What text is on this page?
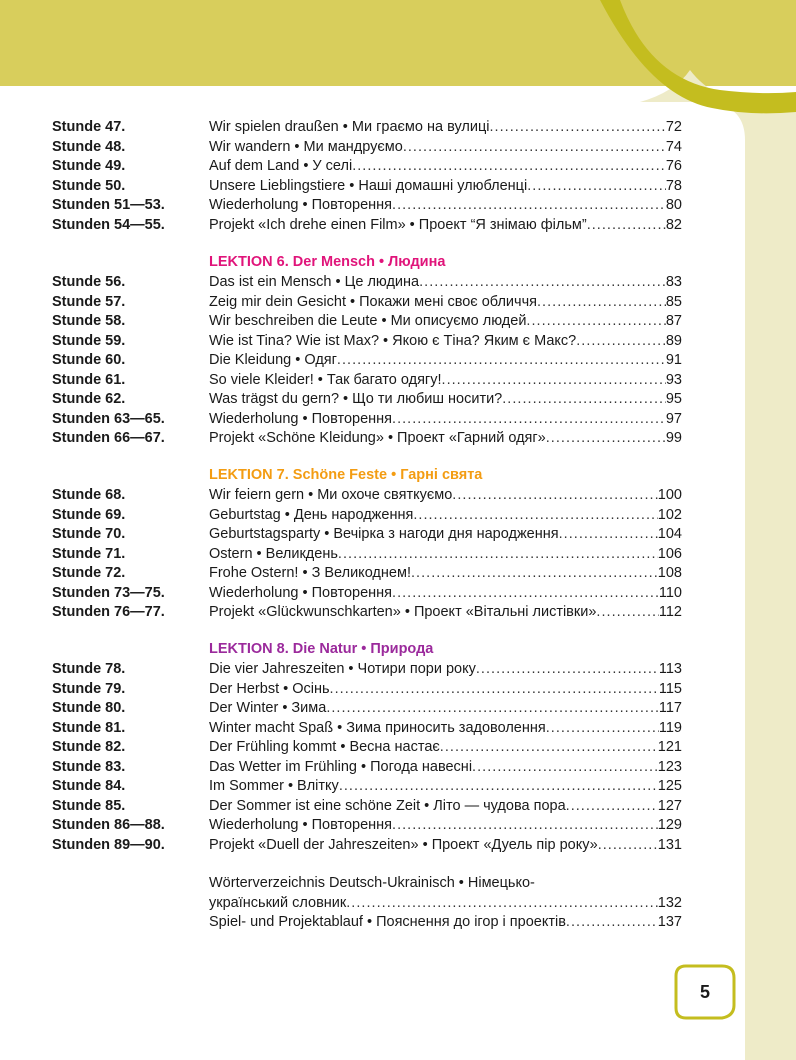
Stunde 47.	Wir spielen draußen • Ми граємо на вулиці . . .	72
Stunde 48.	Wir wandern • Ми мандруємо . . .	74
Stunde 49.	Auf dem Land • У селі . . .	76
Stunde 50.	Unsere Lieblingstiere • Наші домашні улюбленці . . .	78
Stunden 51—53.	Wiederholung • Повторення . . .	80
Stunden 54—55.	Projekt «Ich drehe einen Film» • Проект “Я знімаю фільм” . . .	82
LEKTION 6. Der Mensch • Людина
Stunde 56.	Das ist ein Mensch • Це людина . . .	83
Stunde 57.	Zeig mir dein Gesicht • Покажи мені своє обличчя . . .	85
Stunde 58.	Wir beschreiben die Leute • Ми описуємо людей . . .	87
Stunde 59.	Wie ist Tina? Wie ist Max? • Якою є Тіна? Яким є Макс? . . .	89
Stunde 60.	Die Kleidung • Одяг . . .	91
Stunde 61.	So viele Kleider! • Так багато одягу! . . .	93
Stunde 62.	Was trägst du gern? • Що ти любиш носити? . . .	95
Stunden 63—65.	Wiederholung • Повторення . . .	97
Stunden 66—67.	Projekt «Schöne Kleidung» • Проект «Гарний одяг» . . .	99
LEKTION 7. Schöne Feste • Гарні свята
Stunde 68.	Wir feiern gern • Ми охоче святкуємо . . .	100
Stunde 69.	Geburtstag • День народження . . .	102
Stunde 70.	Geburtstagsparty • Вечірка з нагоди дня народження . . .	104
Stunde 71.	Ostern • Великдень . . .	106
Stunde 72.	Frohe Ostern! • З Великоднем! . . .	108
Stunden 73—75.	Wiederholung • Повторення . . .	110
Stunden 76—77.	Projekt «Glückwunschkarten» • Проект «Вітальні листівки» . . .	112
LEKTION 8. Die Natur • Природа
Stunde 78.	Die vier Jahreszeiten • Чотири пори року . . .	113
Stunde 79.	Der Herbst • Осінь . . .	115
Stunde 80.	Der Winter • Зима . . .	117
Stunde 81.	Winter macht Spaß • Зима приносить задоволення . . .	119
Stunde 82.	Der Frühling kommt • Весна настає . . .	121
Stunde 83.	Das Wetter im Frühling • Погода навесні . . .	123
Stunde 84.	Im Sommer • Влітку . . .	125
Stunde 85.	Der Sommer ist eine schöne Zeit • Літо — чудова пора . . .	127
Stunden 86—88.	Wiederholung • Повторення . . .	129
Stunden 89—90.	Projekt «Duell der Jahreszeiten» • Проект «Дуель пір року» . . .	131
Wörterverzeichnis Deutsch-Ukrainisch • Німецько-
український словник . . .	132
Spiel- und Projektablauf • Пояснення до ігор і проектів . . .	137
5
